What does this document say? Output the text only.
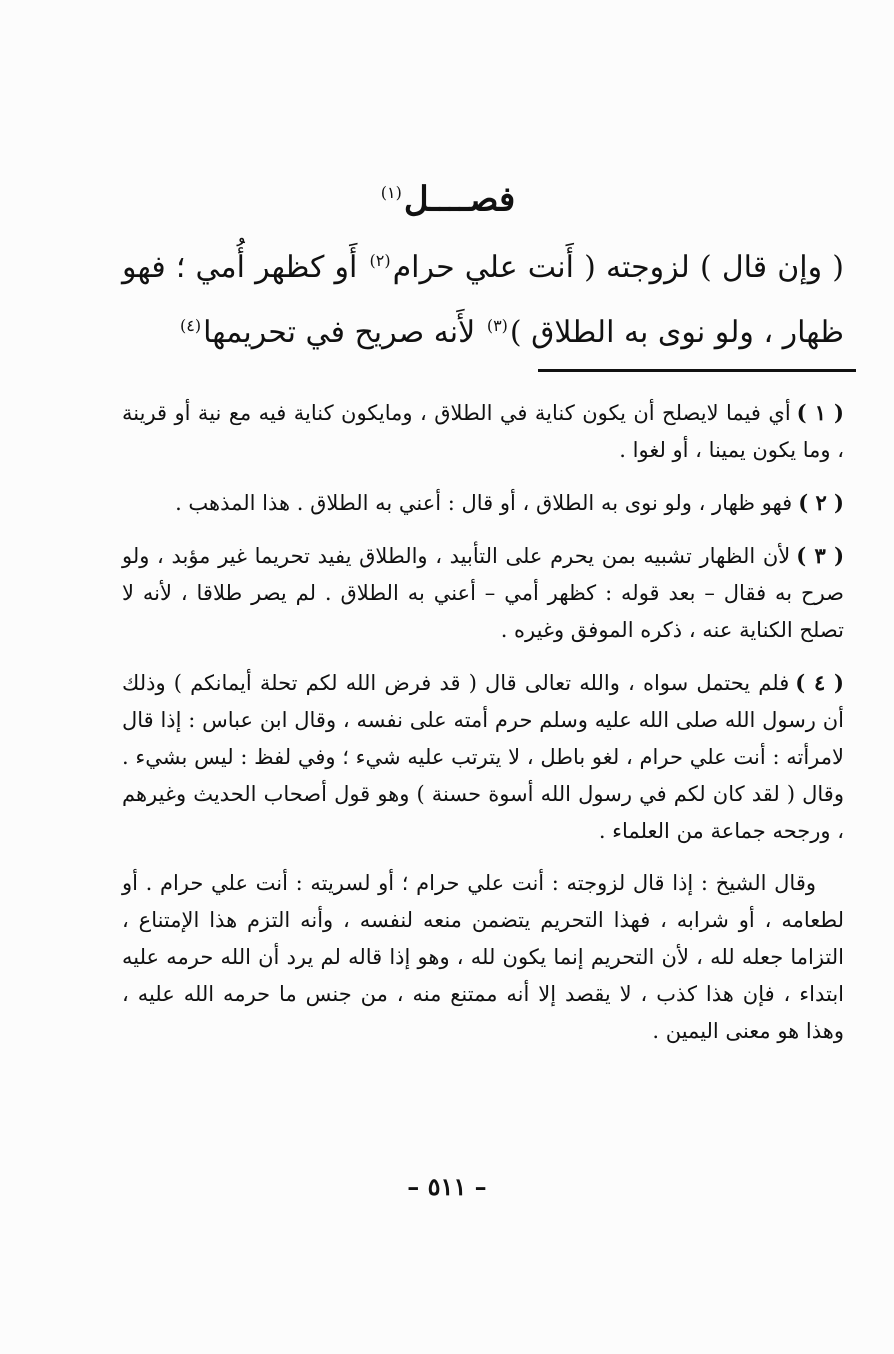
فصــــل$^{(١)}$

( وإن قال ) لزوجته ( أَنت علي حرام$^{(٢)}$ أَو كظهر أُمي ؛ فهو ظهار ، ولو نوى به الطلاق )$^{(٣)}$ لأَنه صريح في تحريمها$^{(٤)}$

( ١ )أي فيما لايصلح أن يكون كناية في الطلاق ، ومايكون كناية فيه مع نية أو قرينة ، وما يكون يمينا ، أو لغوا .

( ٢ )فهو ظهار ، ولو نوى به الطلاق ، أو قال : أعني به الطلاق . هذا المذهب .

( ٣ )لأن الظهار تشبيه بمن يحرم على التأبيد ، والطلاق يفيد تحريما غير مؤبد ، ولو صرح به فقال – بعد قوله : كظهر أمي – أعني به الطلاق . لم يصر طلاقا ، لأنه لا تصلح الكناية عنه ، ذكره الموفق وغيره .

( ٤ )فلم يحتمل سواه ، والله تعالى قال ( قد فرض الله لكم تحلة أيمانكم ) وذلك أن رسول الله صلى الله عليه وسلم حرم أمته على نفسه ، وقال ابن عباس : إذا قال لامرأته : أنت علي حرام ، لغو باطل ، لا يترتب عليه شيء ؛ وفي لفظ : ليس بشيء . وقال ( لقد كان لكم في رسول الله أسوة حسنة ) وهو قول أصحاب الحديث وغيرهم ، ورجحه جماعة من العلماء .

وقال الشيخ : إذا قال لزوجته : أنت علي حرام ؛ أو لسريته : أنت علي حرام . أو لطعامه ، أو شرابه ، فهذا التحريم يتضمن منعه لنفسه ، وأنه التزم هذا الإمتناع ، التزاما جعله لله ، لأن التحريم إنما يكون لله ، وهو إذا قاله لم يرد أن الله حرمه عليه ابتداء ، فإن هذا كذب ، لا يقصد إلا أنه ممتنع منه ، من جنس ما حرمه الله عليه ، وهذا هو معنى اليمين .

– ٥١١ –
